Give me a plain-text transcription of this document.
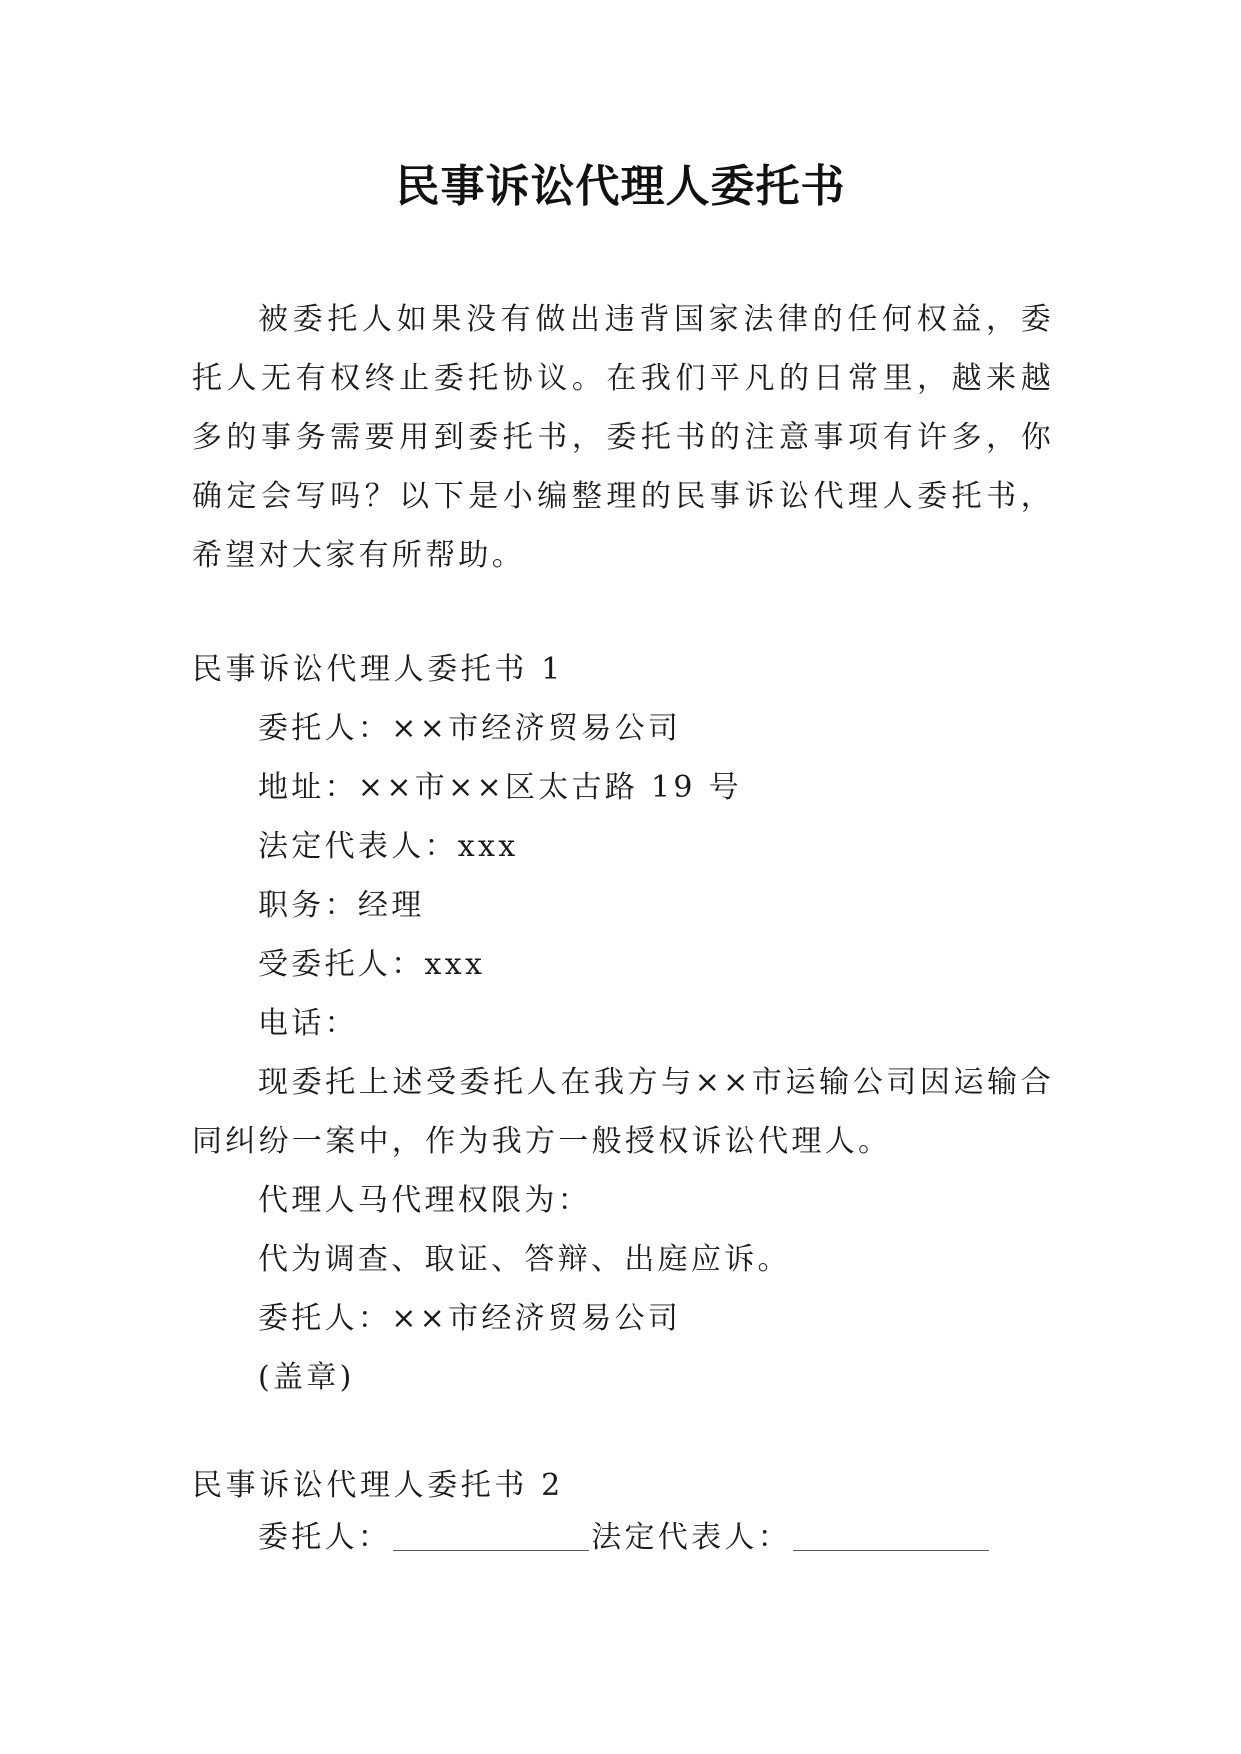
民事诉讼代理人委托书

被委托人如果没有做出违背国家法律的任何权益，委托人无有权终止委托协议。在我们平凡的日常里，越来越多的事务需要用到委托书，委托书的注意事项有许多，你确定会写吗？以下是小编整理的民事诉讼代理人委托书，希望对大家有所帮助。

民事诉讼代理人委托书 1

委托人：××市经济贸易公司

地址：××市××区太古路 19 号

法定代表人：xxx

职务：经理

受委托人：xxx

电话：

现委托上述受委托人在我方与××市运输公司因运输合同纠纷一案中，作为我方一般授权诉讼代理人。

代理人马代理权限为：

代为调查、取证、答辩、出庭应诉。

委托人：××市经济贸易公司

(盖章)

民事诉讼代理人委托书 2

委托人：	法定代表人：
